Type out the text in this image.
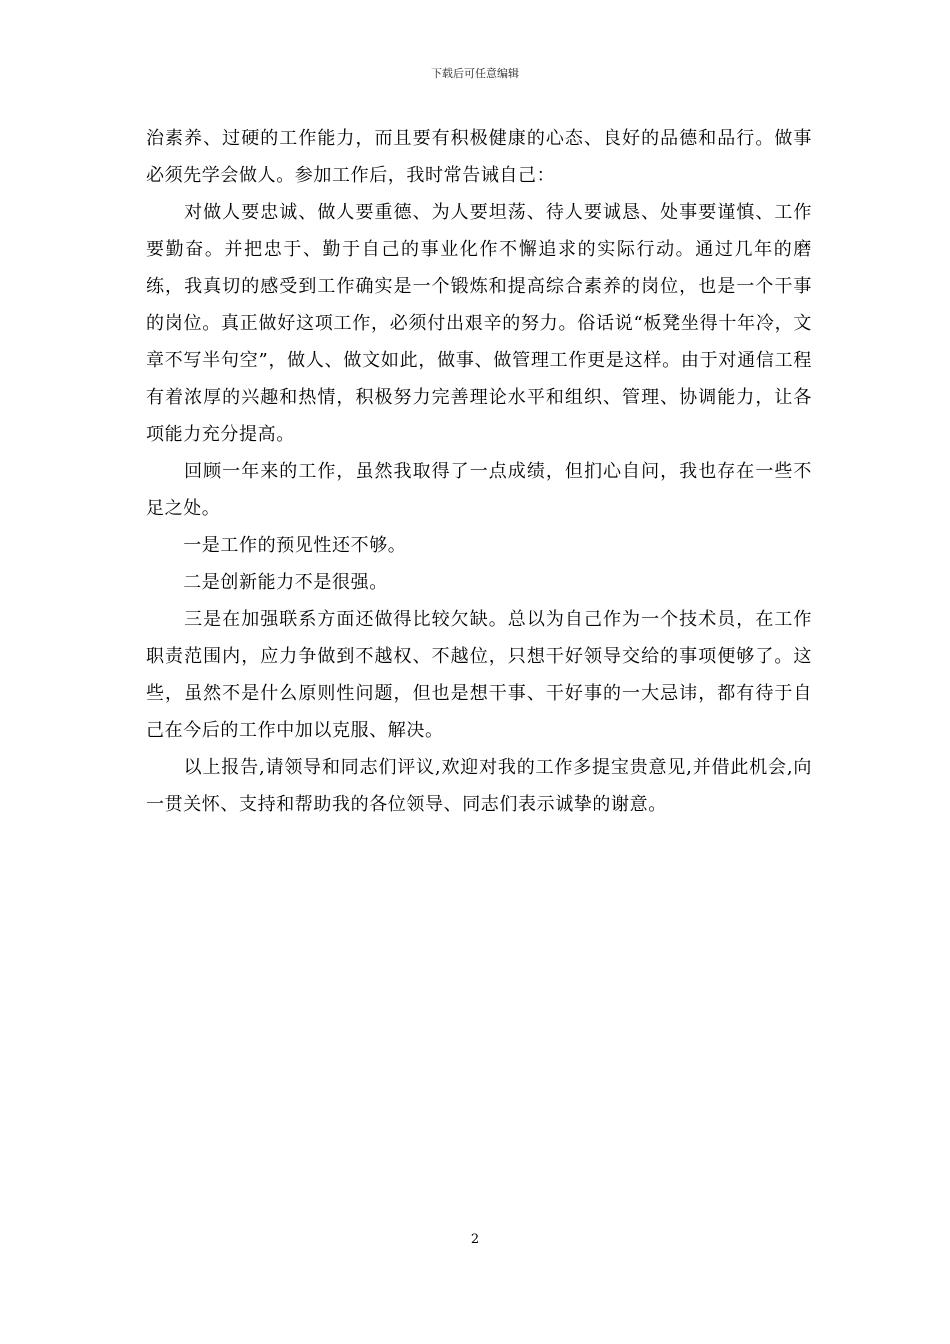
下载后可任意编辑

治素养、过硬的工作能力，而且要有积极健康的心态、良好的品德和品行。做事必须先学会做人。参加工作后，我时常告诫自己：

　　对做人要忠诚、做人要重德、为人要坦荡、待人要诚恳、处事要谨慎、工作要勤奋。并把忠于、勤于自己的事业化作不懈追求的实际行动。通过几年的磨练，我真切的感受到工作确实是一个锻炼和提高综合素养的岗位，也是一个干事的岗位。真正做好这项工作，必须付出艰辛的努力。俗话说“板凳坐得十年冷，文章不写半句空”，做人、做文如此，做事、做管理工作更是这样。由于对通信工程有着浓厚的兴趣和热情，积极努力完善理论水平和组织、管理、协调能力，让各项能力充分提高。

　　回顾一年来的工作，虽然我取得了一点成绩，但扪心自问，我也存在一些不足之处。

　　一是工作的预见性还不够。

　　二是创新能力不是很强。

　　三是在加强联系方面还做得比较欠缺。总以为自己作为一个技术员，在工作职责范围内，应力争做到不越权、不越位，只想干好领导交给的事项便够了。这些，虽然不是什么原则性问题，但也是想干事、干好事的一大忌讳，都有待于自己在今后的工作中加以克服、解决。

　　以上报告,请领导和同志们评议,欢迎对我的工作多提宝贵意见,并借此机会,向一贯关怀、支持和帮助我的各位领导、同志们表示诚挚的谢意。

2
